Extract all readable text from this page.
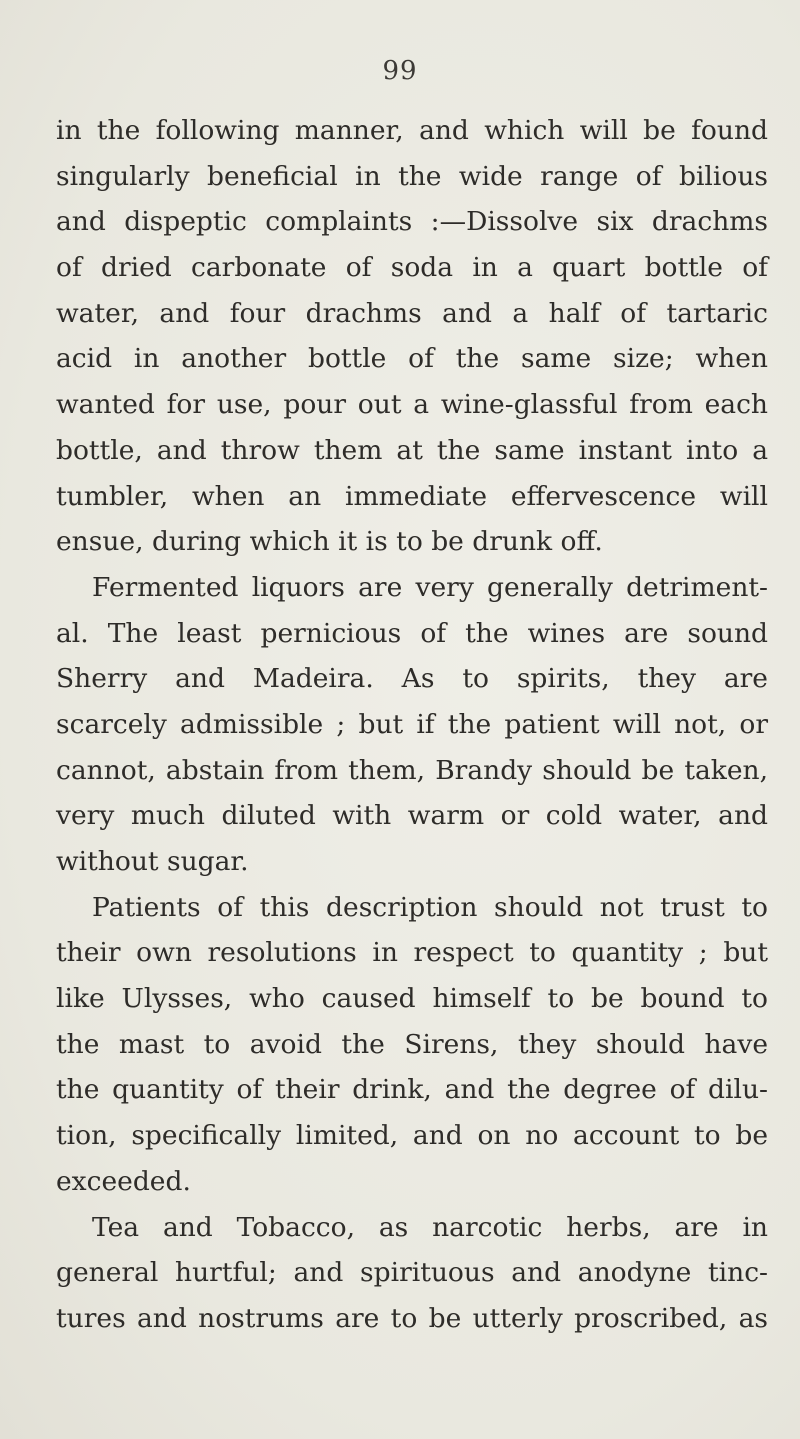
99
in the following manner, and which will be found
singularly beneficial in the wide range of bilious
and dispeptic complaints :—Dissolve six drachms
of dried carbonate of soda in a quart bottle of
water, and four drachms and a half of tartaric
acid in another bottle of the same size; when
wanted for use, pour out a wine-glassful from each
bottle, and throw them at the same instant into a
tumbler, when an immediate effervescence will
ensue, during which it is to be drunk off.
Fermented liquors are very generally detriment-
al. The least pernicious of the wines are sound
Sherry and Madeira. As to spirits, they are
scarcely admissible ; but if the patient will not, or
cannot, abstain from them, Brandy should be taken,
very much diluted with warm or cold water, and
without sugar.
Patients of this description should not trust to
their own resolutions in respect to quantity ; but
like Ulysses, who caused himself to be bound to
the mast to avoid the Sirens, they should have
the quantity of their drink, and the degree of dilu-
tion, specifically limited, and on no account to be
exceeded.
Tea and Tobacco, as narcotic herbs, are in
general hurtful; and spirituous and anodyne tinc-
tures and nostrums are to be utterly proscribed, as
